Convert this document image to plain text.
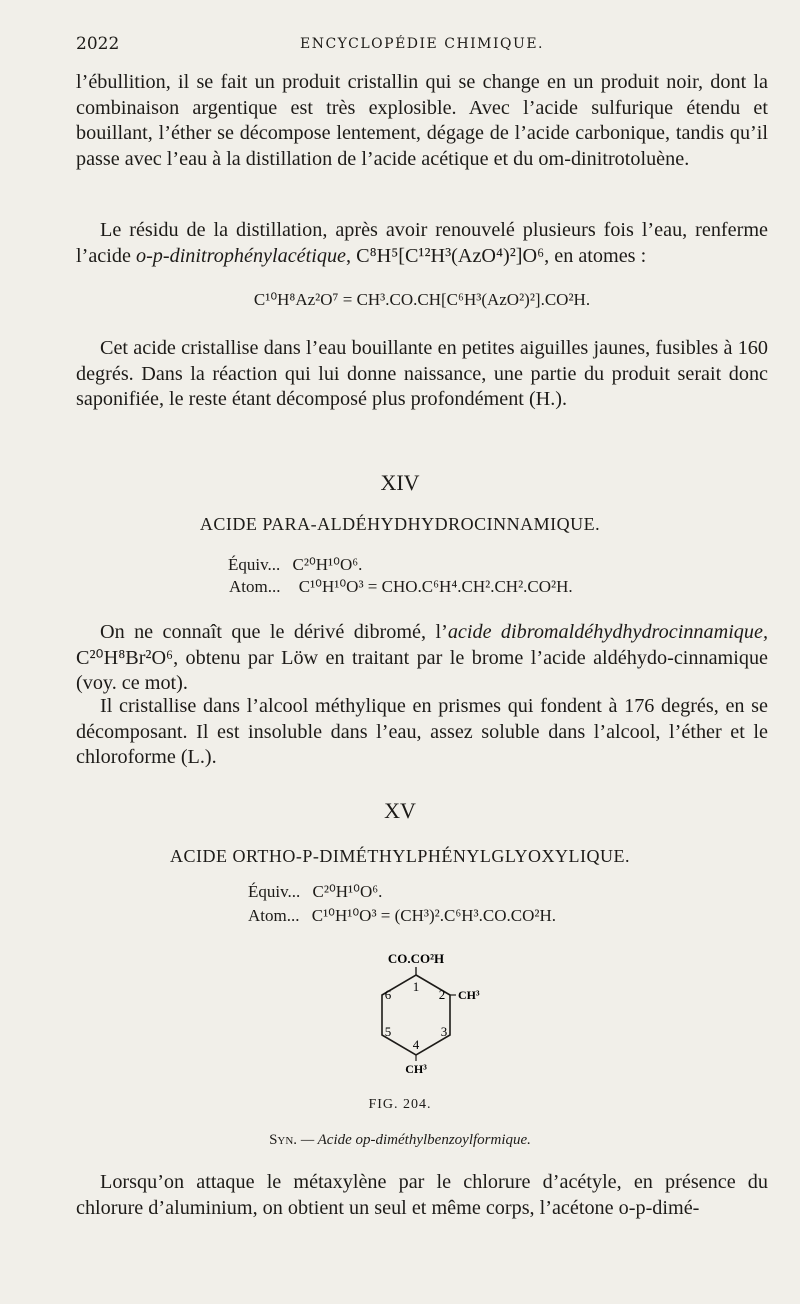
2022	ENCYCLOPÉDIE CHIMIQUE.

l’ébullition, il se fait un produit cristallin qui se change en un produit noir, dont la combinaison argentique est très explosible. Avec l’acide sulfurique étendu et bouillant, l’éther se décompose lentement, dégage de l’acide carbonique, tandis qu’il passe avec l’eau à la distillation de l’acide acétique et du om-dinitrotoluène.

Le résidu de la distillation, après avoir renouvelé plusieurs fois l’eau, renferme l’acide o-p-dinitrophénylacétique, C⁸H⁵[C¹²H³(AzO⁴)²]O⁶, en atomes :

C¹⁰H⁸Az²O⁷ = CH³.CO.CH[C⁶H³(AzO²)²].CO²H.

Cet acide cristallise dans l’eau bouillante en petites aiguilles jaunes, fusibles à 160 degrés. Dans la réaction qui lui donne naissance, une partie du produit serait donc saponifiée, le reste étant décomposé plus profondément (H.).

XIV
ACIDE PARA-ALDÉHYDHYDROCINNAMIQUE.
Équiv... C²⁰H¹⁰O⁶.
Atom... C¹⁰H¹⁰O³ = CHO.C⁶H⁴.CH².CH².CO²H.

On ne connaît que le dérivé dibromé, l’acide dibromaldéhydhydrocinnamique, C²⁰H⁸Br²O⁶, obtenu par Löw en traitant par le brome l’acide aldéhydo-cinnamique (voy. ce mot).

Il cristallise dans l’alcool méthylique en prismes qui fondent à 176 degrés, en se décomposant. Il est insoluble dans l’eau, assez soluble dans l’alcool, l’éther et le chloroforme (L.).

XV
ACIDE ORTHO-P-DIMÉTHYLPHÉNYLGLYOXYLIQUE.
Équiv... C²⁰H¹⁰O⁶.
Atom... C¹⁰H¹⁰O³ = (CH³)².C⁶H³.CO.CO²H.
CO.CO²H
1
2
3
4
5
6	CH³
CH³
FIG. 204.
Syn. — Acide op-diméthylbenzoylformique.

Lorsqu’on attaque le métaxylène par le chlorure d’acétyle, en présence du chlorure d’aluminium, on obtient un seul et même corps, l’acétone o-p-dimé-
